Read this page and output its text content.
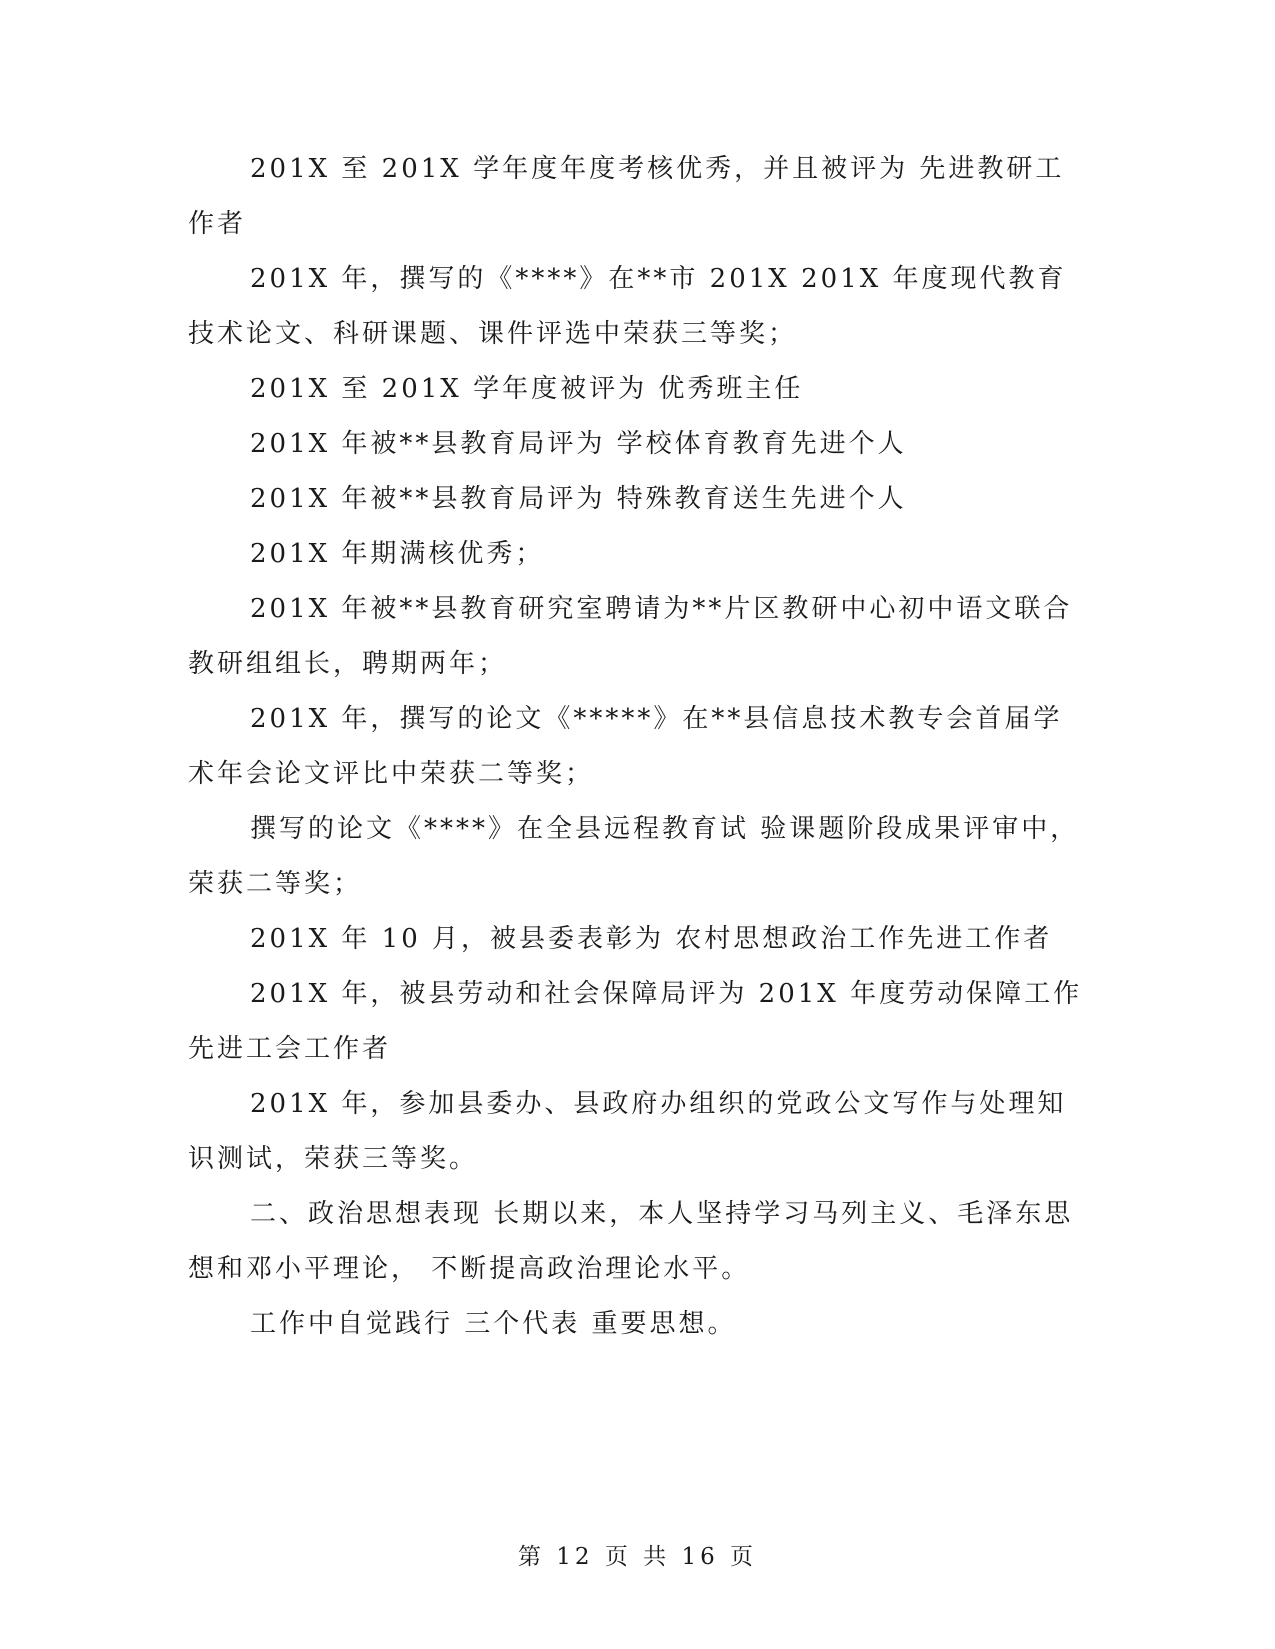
201X 至 201X 学年度年度考核优秀，并且被评为 先进教研工作者

201X 年，撰写的《****》在**市 201X 201X 年度现代教育技术论文、科研课题、课件评选中荣获三等奖；

201X 至 201X 学年度被评为 优秀班主任

201X 年被**县教育局评为 学校体育教育先进个人

201X 年被**县教育局评为 特殊教育送生先进个人

201X 年期满核优秀；

201X 年被**县教育研究室聘请为**片区教研中心初中语文联合教研组组长，聘期两年；

201X 年，撰写的论文《*****》在**县信息技术教专会首届学术年会论文评比中荣获二等奖；

撰写的论文《****》在全县远程教育试 验课题阶段成果评审中，荣获二等奖；

201X 年 10 月，被县委表彰为 农村思想政治工作先进工作者

201X 年，被县劳动和社会保障局评为 201X 年度劳动保障工作先进工会工作者

201X 年，参加县委办、县政府办组织的党政公文写作与处理知识测试，荣获三等奖。

二、政治思想表现 长期以来，本人坚持学习马列主义、毛泽东思想和邓小平理论， 不断提高政治理论水平。

工作中自觉践行 三个代表 重要思想。

第 12 页 共 16 页
